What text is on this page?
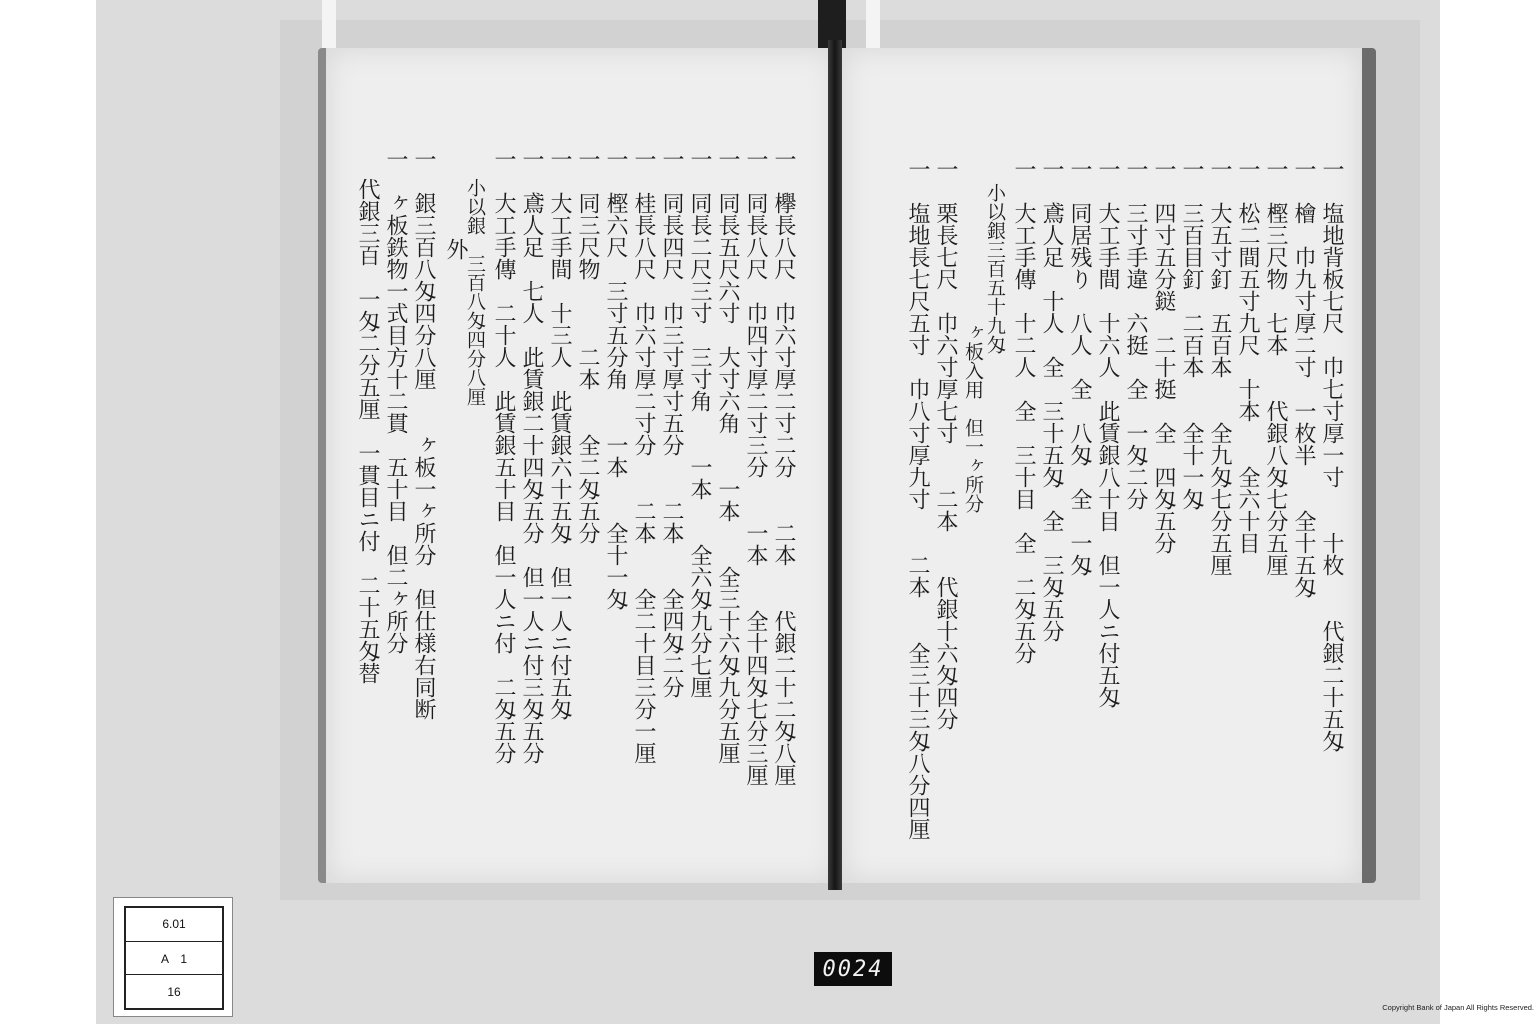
一　欅長八尺　巾六寸厚二寸二分　　二本　　代銀二十二匁八厘
一　同長八尺　巾四寸厚二寸三分　　一本　　全十四匁七分三厘
一　同長五尺六寸　大寸六角　　一本　　全三十六匁九分五厘
一　同長二尺三寸　三寸角　　一本　　全六匁九分七厘
一　同長四尺　巾三寸厚寸五分　　二本　　全四匁二分
一　桂長八尺　巾六寸厚二寸分　　二本　　全二十目三分一厘
一　樫六尺　三寸五分角　　一本　　全十一匁
一　同三尺物　　　二本　　全二匁五分
一　大工手間　十三人　此賃銀六十五匁　但一人ニ付五匁
一　鳶人足　七人　此賃銀二十四匁五分　但一人ニ付三匁五分
一　大工手傳　二十人　此賃銀五十目　但一人ニ付　二匁五分
小以銀　三百八匁四分八厘
外
一　銀三百八匁四分八厘　　ヶ板一ヶ所分　但仕様右同断
一　ヶ板鉄物一式目方十二貫　五十目　但二ヶ所分
代銀三百　一匁二分五厘　一貫目ニ付　二十五匁替	一　塩地背板七尺　巾七寸厚一寸　　十枚　　代銀二十五匁
一　檜　巾九寸厚二寸　一枚半　　全十五匁
一　樫三尺物　七本　　代銀八匁七分五厘
一　松二間五寸九尺　十本　　全六十目
一　大五寸釘　五百本　　全九匁七分五厘
一　三百目釘　二百本　　全十一匁
一　四寸五分鎹　二十挺　全　四匁五分
一　三寸手違　六挺　全　一匁二分
一　大工手間　十六人　此賃銀八十目　但一人ニ付五匁
一　同居残り　八人　全　八匁　全　一匁
一　鳶人足　十人　全　三十五匁　全　三匁五分
一　大工手傳　十二人　全　三十目　全　二匁五分
小以銀三百五十九匁
ヶ板入用　但一ヶ所分
一　栗長七尺　巾六寸厚七寸　　二本　　代銀十六匁四分
一　塩地長七尺五寸　巾八寸厚九寸　　二本　　全三十三匁八分四厘
6.01
A　1
16
0024
Copyright Bank of Japan All Rights Reserved.
